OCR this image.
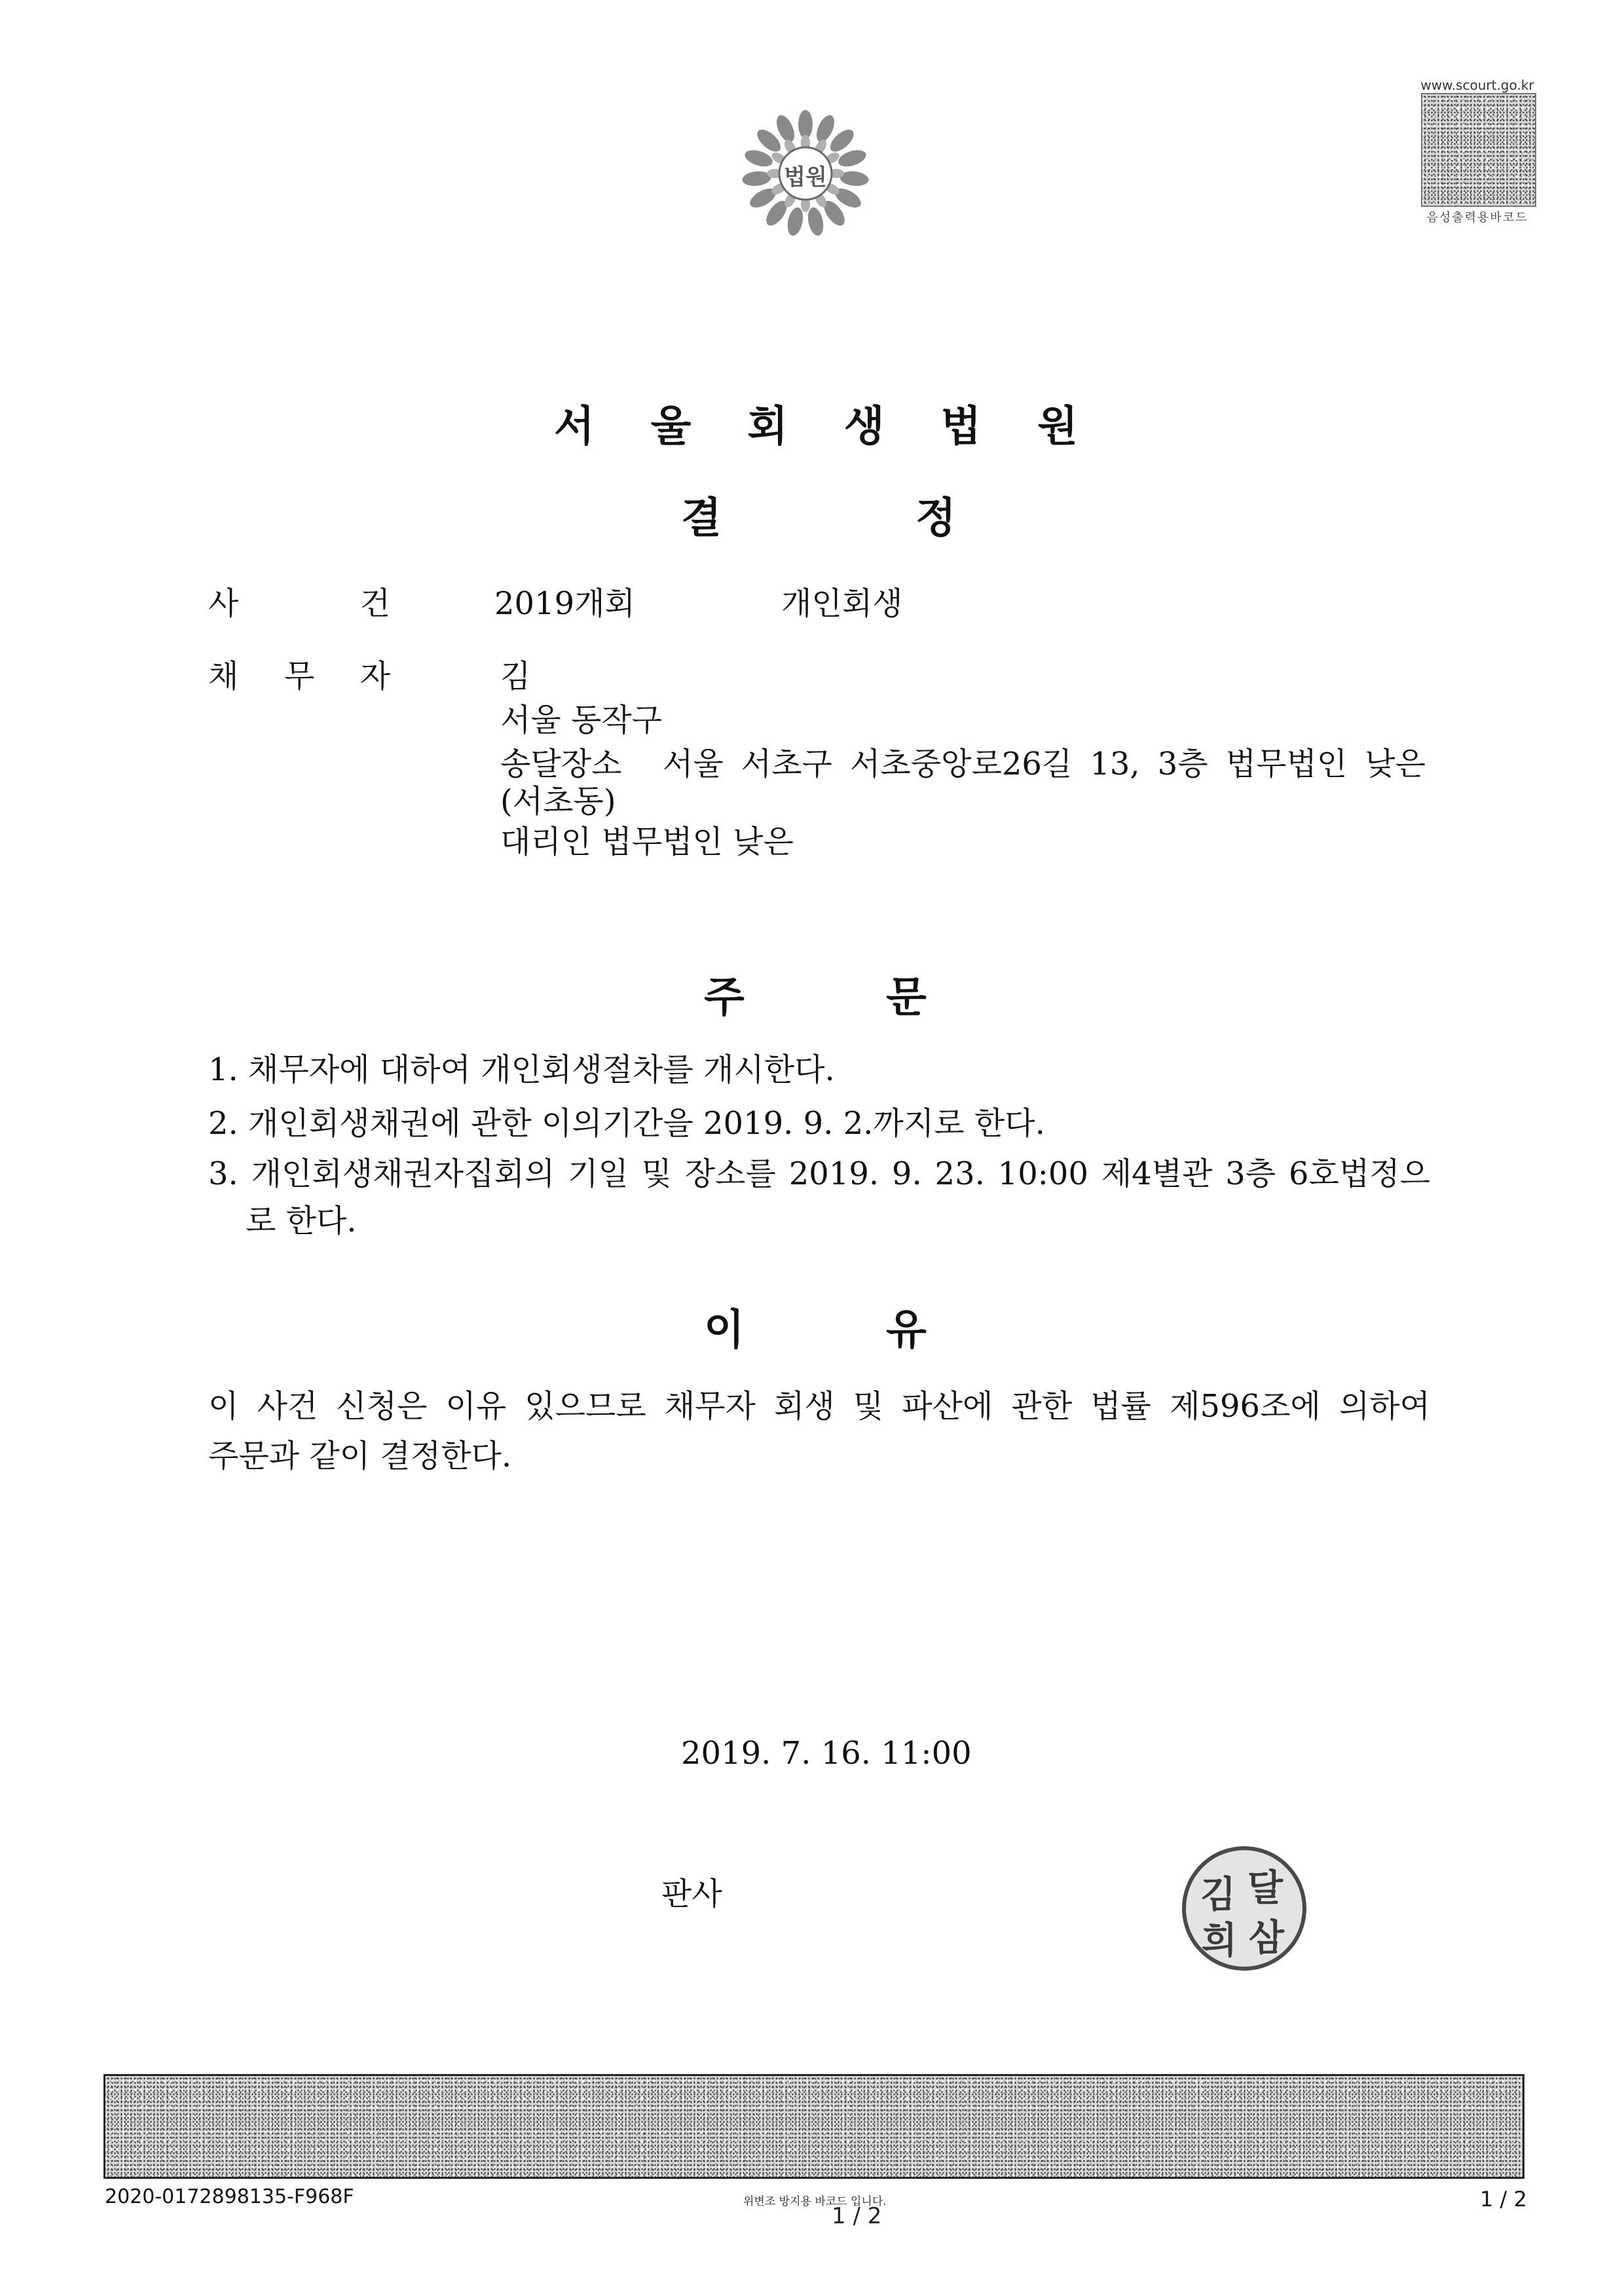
법원
www.scourt.go.kr
음성출력용바코드
서 울 회 생 법 원
결	정
사	건	2019개회	개인회생
채 무 자	김
서울 동작구
송달장소 서울 서초구 서초중앙로26길 13, 3층 법무법인 낮은
(서초동)
대리인 법무법인 낮은
주	문
1. 채무자에 대하여 개인회생절차를 개시한다.
2. 개인회생채권에 관한 이의기간을 2019. 9. 2.까지로 한다.
3. 개인회생채권자집회의 기일 및 장소를 2019. 9. 23. 10:00 제4별관 3층 6호법정으
로 한다.
이	유
이 사건 신청은 이유 있으므로 채무자 회생 및 파산에 관한 법률 제596조에 의하여
주문과 같이 결정한다.
2019. 7. 16. 11:00
판사	김 달
희 삼
2020-0172898135-F968F	위변조 방지용 바코드 입니다.
1 / 2
1 / 2
